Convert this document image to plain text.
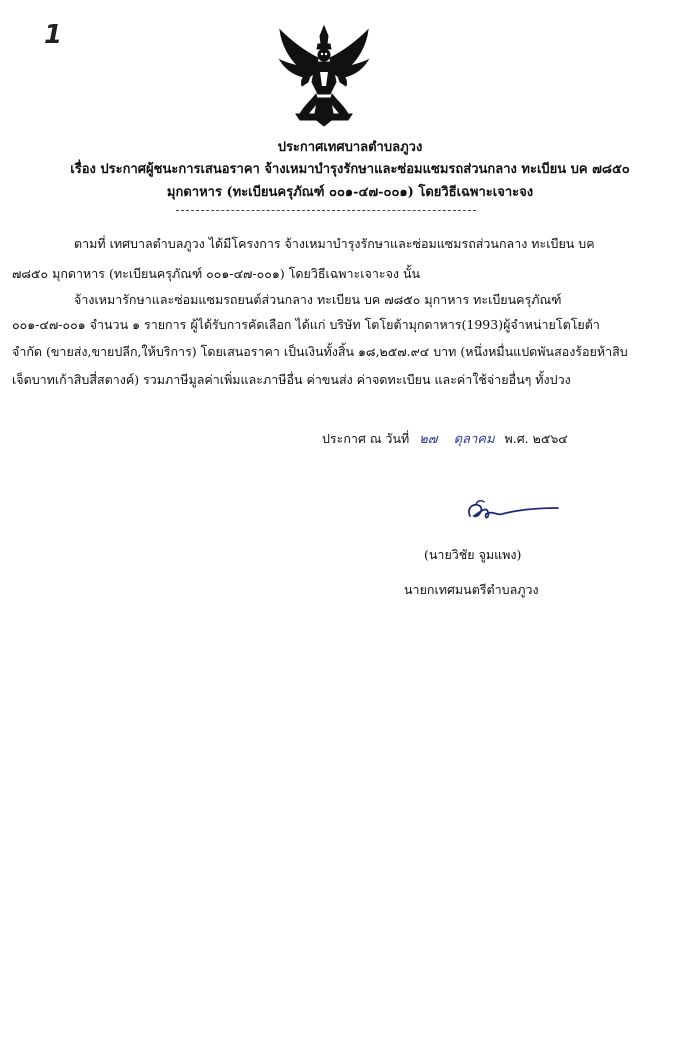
1
ประกาศเทศบาลตำบลภูวง
เรื่อง ประกาศผู้ชนะการเสนอราคา จ้างเหมาบำรุงรักษาและซ่อมแซมรถส่วนกลาง ทะเบียน บค ๗๘๕๐
มุกดาหาร (ทะเบียนครุภัณฑ์ ๐๐๑-๔๗-๐๐๑) โดยวิธีเฉพาะเจาะจง
ตามที่ เทศบาลตำบลภูวง ได้มีโครงการ จ้างเหมาบำรุงรักษาและซ่อมแซมรถส่วนกลาง ทะเบียน บค
๗๘๕๐ มุกดาหาร (ทะเบียนครุภัณฑ์ ๐๐๑-๔๗-๐๐๑) โดยวิธีเฉพาะเจาะจง นั้น
จ้างเหมารักษาและซ่อมแซมรถยนต์ส่วนกลาง ทะเบียน บค ๗๘๕๐ มุกาหาร ทะเบียนครุภัณฑ์
๐๐๑-๔๗-๐๐๑ จำนวน ๑ รายการ ผู้ได้รับการคัดเลือก ได้แก่ บริษัท โตโยต้ามุกดาหาร(1993)ผู้จำหน่ายโตโยต้า
จำกัด (ขายส่ง,ขายปลีก,ให้บริการ) โดยเสนอราคา เป็นเงินทั้งสิ้น ๑๘,๒๕๗.๙๔ บาท (หนึ่งหมื่นแปดพันสองร้อยห้าสิบ
เจ็ดบาทเก้าสิบสี่สตางค์) รวมภาษีมูลค่าเพิ่มและภาษีอื่น ค่าขนส่ง ค่าจดทะเบียน และค่าใช้จ่ายอื่นๆ ทั้งปวง
ประกาศ ณ วันที่ ๒๗ ตุลาคม พ.ศ. ๒๕๖๔
(นายวิชัย จูมแพง)
นายกเทศมนตรีตำบลภูวง
